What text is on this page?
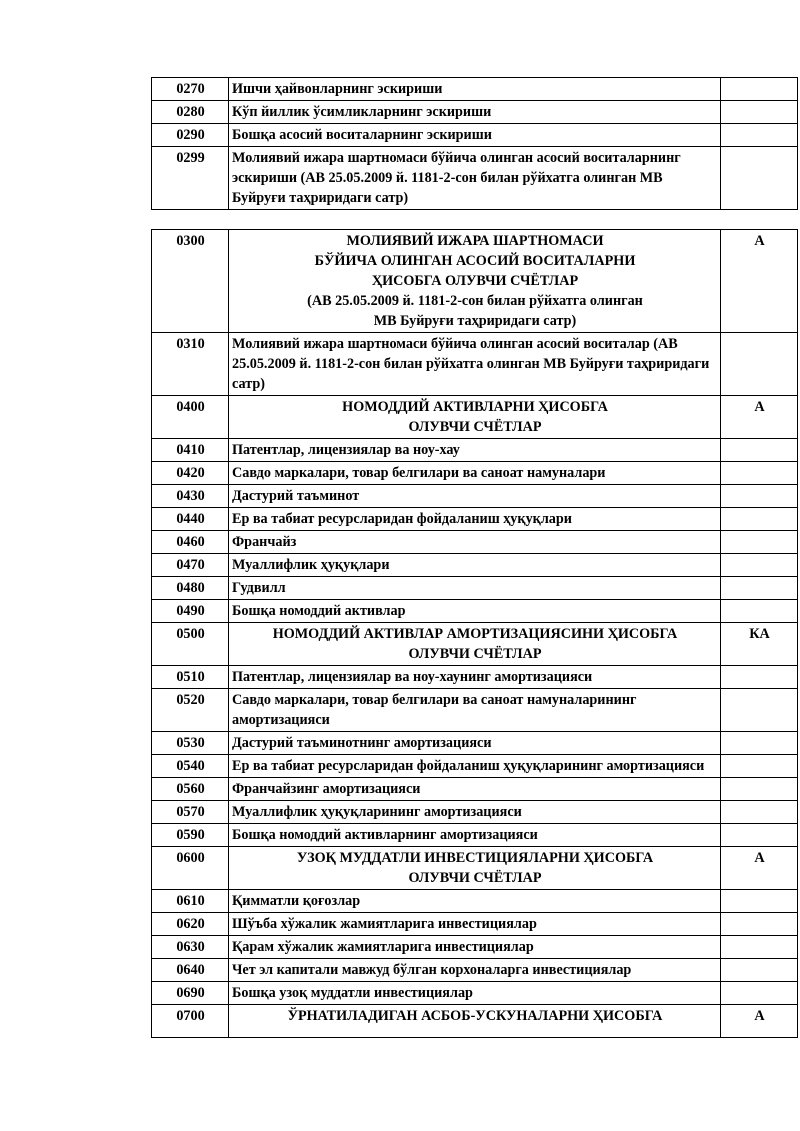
0270	Ишчи ҳайвонларнинг эскириши	
0280	Кўп йиллик ўсимликларнинг эскириши	
0290	Бошқа асосий воситаларнинг эскириши	
0299	Молиявий ижара шартномаси бўйича олинган асосий воситаларнинг эскириши (АВ 25.05.2009 й. 1181-2-сон билан рўйхатга олинган МВ Буйруғи таҳриридаги сатр)	
0300	МОЛИЯВИЙ ИЖАРА ШАРТНОМАСИ
БЎЙИЧА ОЛИНГАН АСОСИЙ ВОСИТАЛАРНИ
ҲИСОБГА ОЛУВЧИ СЧЁТЛАР
(АВ 25.05.2009 й. 1181-2-сон билан рўйхатга олинган
МВ Буйруғи таҳриридаги сатр)	А
0310	Молиявий ижара шартномаси бўйича олинган асосий воситалар (АВ 25.05.2009 й. 1181-2-сон билан рўйхатга олинган МВ Буйруғи таҳриридаги сатр)	
0400	НОМОДДИЙ АКТИВЛАРНИ ҲИСОБГА
ОЛУВЧИ СЧЁТЛАР	А
0410	Патентлар, лицензиялар ва ноу-хау	
0420	Савдо маркалари, товар белгилари ва саноат намуналари	
0430	Дастурий таъминот	
0440	Ер ва табиат ресурсларидан фойдаланиш ҳуқуқлари	
0460	Франчайз	
0470	Муаллифлик ҳуқуқлари	
0480	Гудвилл	
0490	Бошқа номоддий активлар	
0500	НОМОДДИЙ АКТИВЛАР АМОРТИЗАЦИЯСИНИ ҲИСОБГА
ОЛУВЧИ СЧЁТЛАР	КА
0510	Патентлар, лицензиялар ва ноу-хаунинг амортизацияси	
0520	Савдо маркалари, товар белгилари ва саноат намуналарининг амортизацияси	
0530	Дастурий таъминотнинг амортизацияси	
0540	Ер ва табиат ресурсларидан фойдаланиш ҳуқуқларининг амортизацияси	
0560	Франчайзинг амортизацияси	
0570	Муаллифлик ҳуқуқларининг амортизацияси	
0590	Бошқа номоддий активларнинг амортизацияси	
0600	УЗОҚ МУДДАТЛИ ИНВЕСТИЦИЯЛАРНИ ҲИСОБГА
ОЛУВЧИ СЧЁТЛАР	А
0610	Қимматли қоғозлар	
0620	Шўъба хўжалик жамиятларига инвестициялар	
0630	Қарам хўжалик жамиятларига инвестициялар	
0640	Чет эл капитали мавжуд бўлган корхоналарга инвестициялар	
0690	Бошқа узоқ муддатли инвестициялар	
0700	ЎРНАТИЛАДИГАН АСБОБ-УСКУНАЛАРНИ ҲИСОБГА	А
